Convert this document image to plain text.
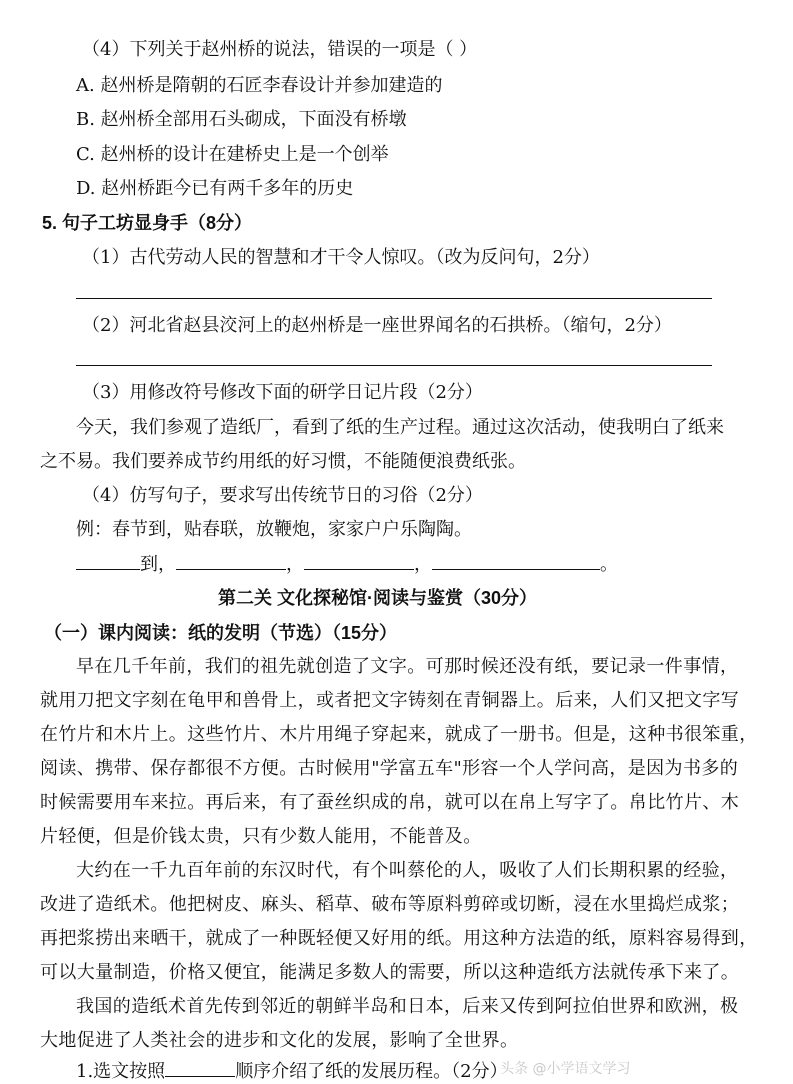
（4）下列关于赵州桥的说法，错误的一项是（ ）
A. 赵州桥是隋朝的石匠李春设计并参加建造的
B. 赵州桥全部用石头砌成，下面没有桥墩
C. 赵州桥的设计在建桥史上是一个创举
D. 赵州桥距今已有两千多年的历史
5. 句子工坊显身手（8分）
（1）古代劳动人民的智慧和才干令人惊叹。（改为反问句，2分）
（2）河北省赵县洨河上的赵州桥是一座世界闻名的石拱桥。（缩句，2分）
（3）用修改符号修改下面的研学日记片段（2分）
今天，我们参观了造纸厂，看到了纸的生产过程。通过这次活动，使我明白了纸来
之不易。我们要养成节约用纸的好习惯，不能随便浪费纸张。
（4）仿写句子，要求写出传统节日的习俗（2分）
例：春节到，贴春联，放鞭炮，家家户户乐陶陶。
到，	，	，	。
第二关 文化探秘馆·阅读与鉴赏（30分）
（一）课内阅读：纸的发明（节选）（15分）
早在几千年前，我们的祖先就创造了文字。可那时候还没有纸，要记录一件事情，
就用刀把文字刻在龟甲和兽骨上，或者把文字铸刻在青铜器上。后来，人们又把文字写
在竹片和木片上。这些竹片、木片用绳子穿起来，就成了一册书。但是，这种书很笨重，
阅读、携带、保存都很不方便。古时候用"学富五车"形容一个人学问高，是因为书多的
时候需要用车来拉。再后来，有了蚕丝织成的帛，就可以在帛上写字了。帛比竹片、木
片轻便，但是价钱太贵，只有少数人能用，不能普及。
大约在一千九百年前的东汉时代，有个叫蔡伦的人，吸收了人们长期积累的经验，
改进了造纸术。他把树皮、麻头、稻草、破布等原料剪碎或切断，浸在水里捣烂成浆；
再把浆捞出来晒干，就成了一种既轻便又好用的纸。用这种方法造的纸，原料容易得到，
可以大量制造，价格又便宜，能满足多数人的需要，所以这种造纸方法就传承下来了。
我国的造纸术首先传到邻近的朝鲜半岛和日本，后来又传到阿拉伯世界和欧洲，极
大地促进了人类社会的进步和文化的发展，影响了全世界。
1.选文按照	顺序介绍了纸的发展历程。（2分）
头条 @小学语文学习
